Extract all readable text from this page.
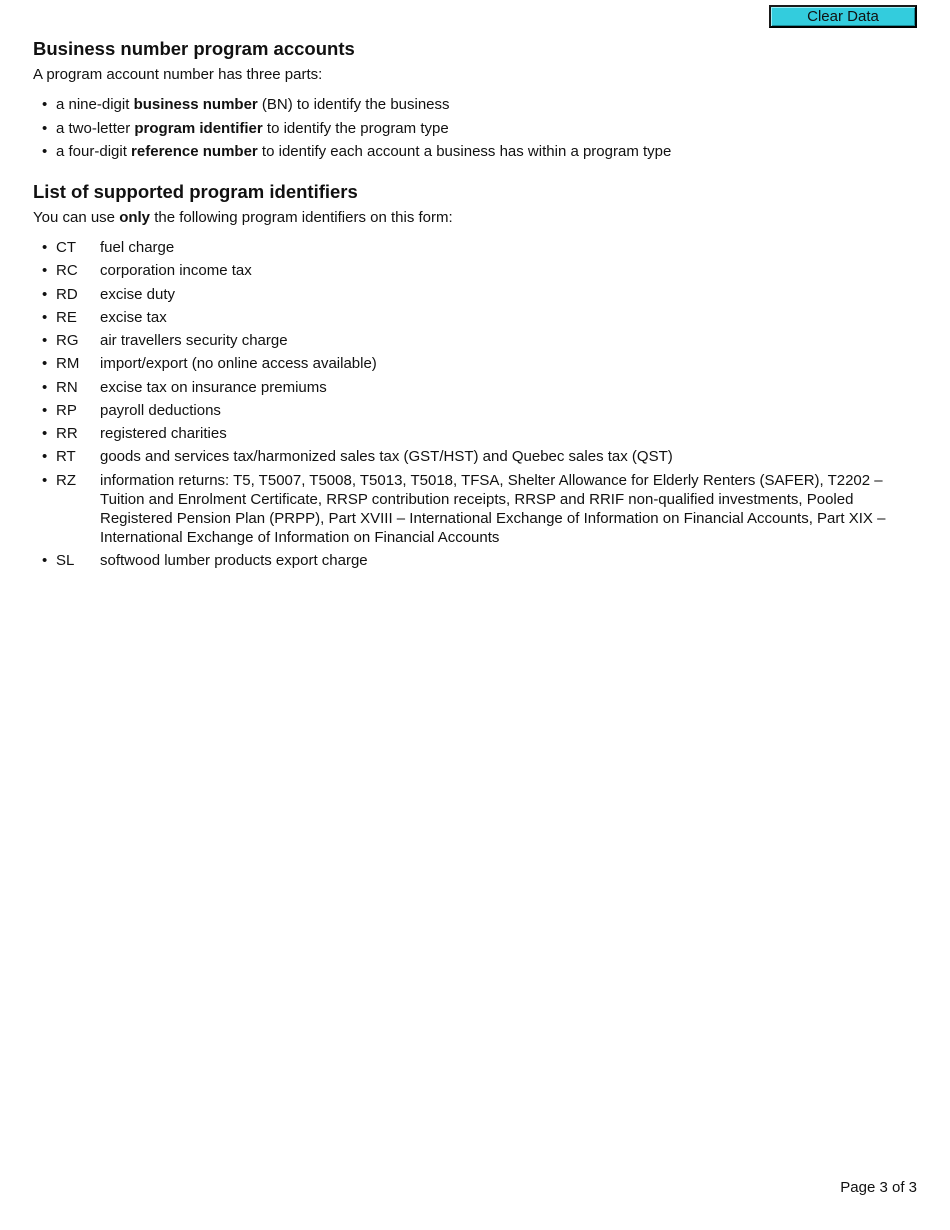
Clear Data
Business number program accounts

A program account number has three parts:

• a nine-digit business number (BN) to identify the business
• a two-letter program identifier to identify the program type
• a four-digit reference number to identify each account a business has within a program type
List of supported program identifiers

You can use only the following program identifiers on this form:

• CT fuel charge
• RC corporation income tax
• RD excise duty
• RE excise tax
• RG air travellers security charge
• RM import/export (no online access available)
• RN excise tax on insurance premiums
• RP payroll deductions
• RR registered charities
• RT goods and services tax/harmonized sales tax (GST/HST) and Quebec sales tax (QST)
• RZ information returns: T5, T5007, T5008, T5013, T5018, TFSA, Shelter Allowance for Elderly Renters (SAFER), T2202 – Tuition and Enrolment Certificate, RRSP contribution receipts, RRSP and RRIF non-qualified investments, Pooled Registered Pension Plan (PRPP), Part XVIII – International Exchange of Information on Financial Accounts, Part XIX – International Exchange of Information on Financial Accounts
• SL softwood lumber products export charge
Page 3 of 3
